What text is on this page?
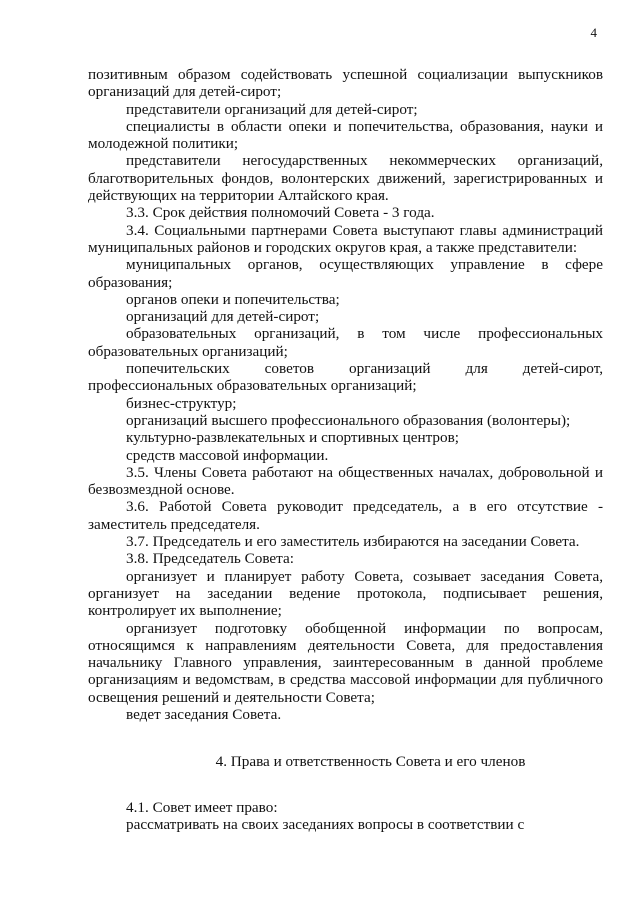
4

позитивным образом содействовать успешной социализации выпускников организаций для детей-сирот;

представители организаций для детей-сирот;

специалисты в области опеки и попечительства, образования, науки и молодежной политики;

представители негосударственных некоммерческих организаций, благотворительных фондов, волонтерских движений, зарегистрированных и действующих на территории Алтайского края.

3.3. Срок действия полномочий Совета - 3 года.

3.4. Социальными партнерами Совета выступают главы администраций муниципальных районов и городских округов края, а также представители:

муниципальных органов, осуществляющих управление в сфере образования;

органов опеки и попечительства;

организаций для детей-сирот;

образовательных организаций, в том числе профессиональных образовательных организаций;

попечительских советов организаций для детей-сирот, профессиональных образовательных организаций;

бизнес-структур;

организаций высшего профессионального образования (волонтеры);

культурно-развлекательных и спортивных центров;

средств массовой информации.

3.5. Члены Совета работают на общественных началах, добровольной и безвозмездной основе.

3.6. Работой Совета руководит председатель, а в его отсутствие - заместитель председателя.

3.7. Председатель и его заместитель избираются на заседании Совета.

3.8. Председатель Совета:

организует и планирует работу Совета, созывает заседания Совета, организует на заседании ведение протокола, подписывает решения, контролирует их выполнение;

организует подготовку обобщенной информации по вопросам, относящимся к направлениям деятельности Совета, для предоставления начальнику Главного управления, заинтересованным в данной проблеме организациям и ведомствам, в средства массовой информации для публичного освещения решений и деятельности Совета;

ведет заседания Совета.

4. Права и ответственность Совета и его членов

4.1. Совет имеет право:

рассматривать на своих заседаниях вопросы в соответствии с
